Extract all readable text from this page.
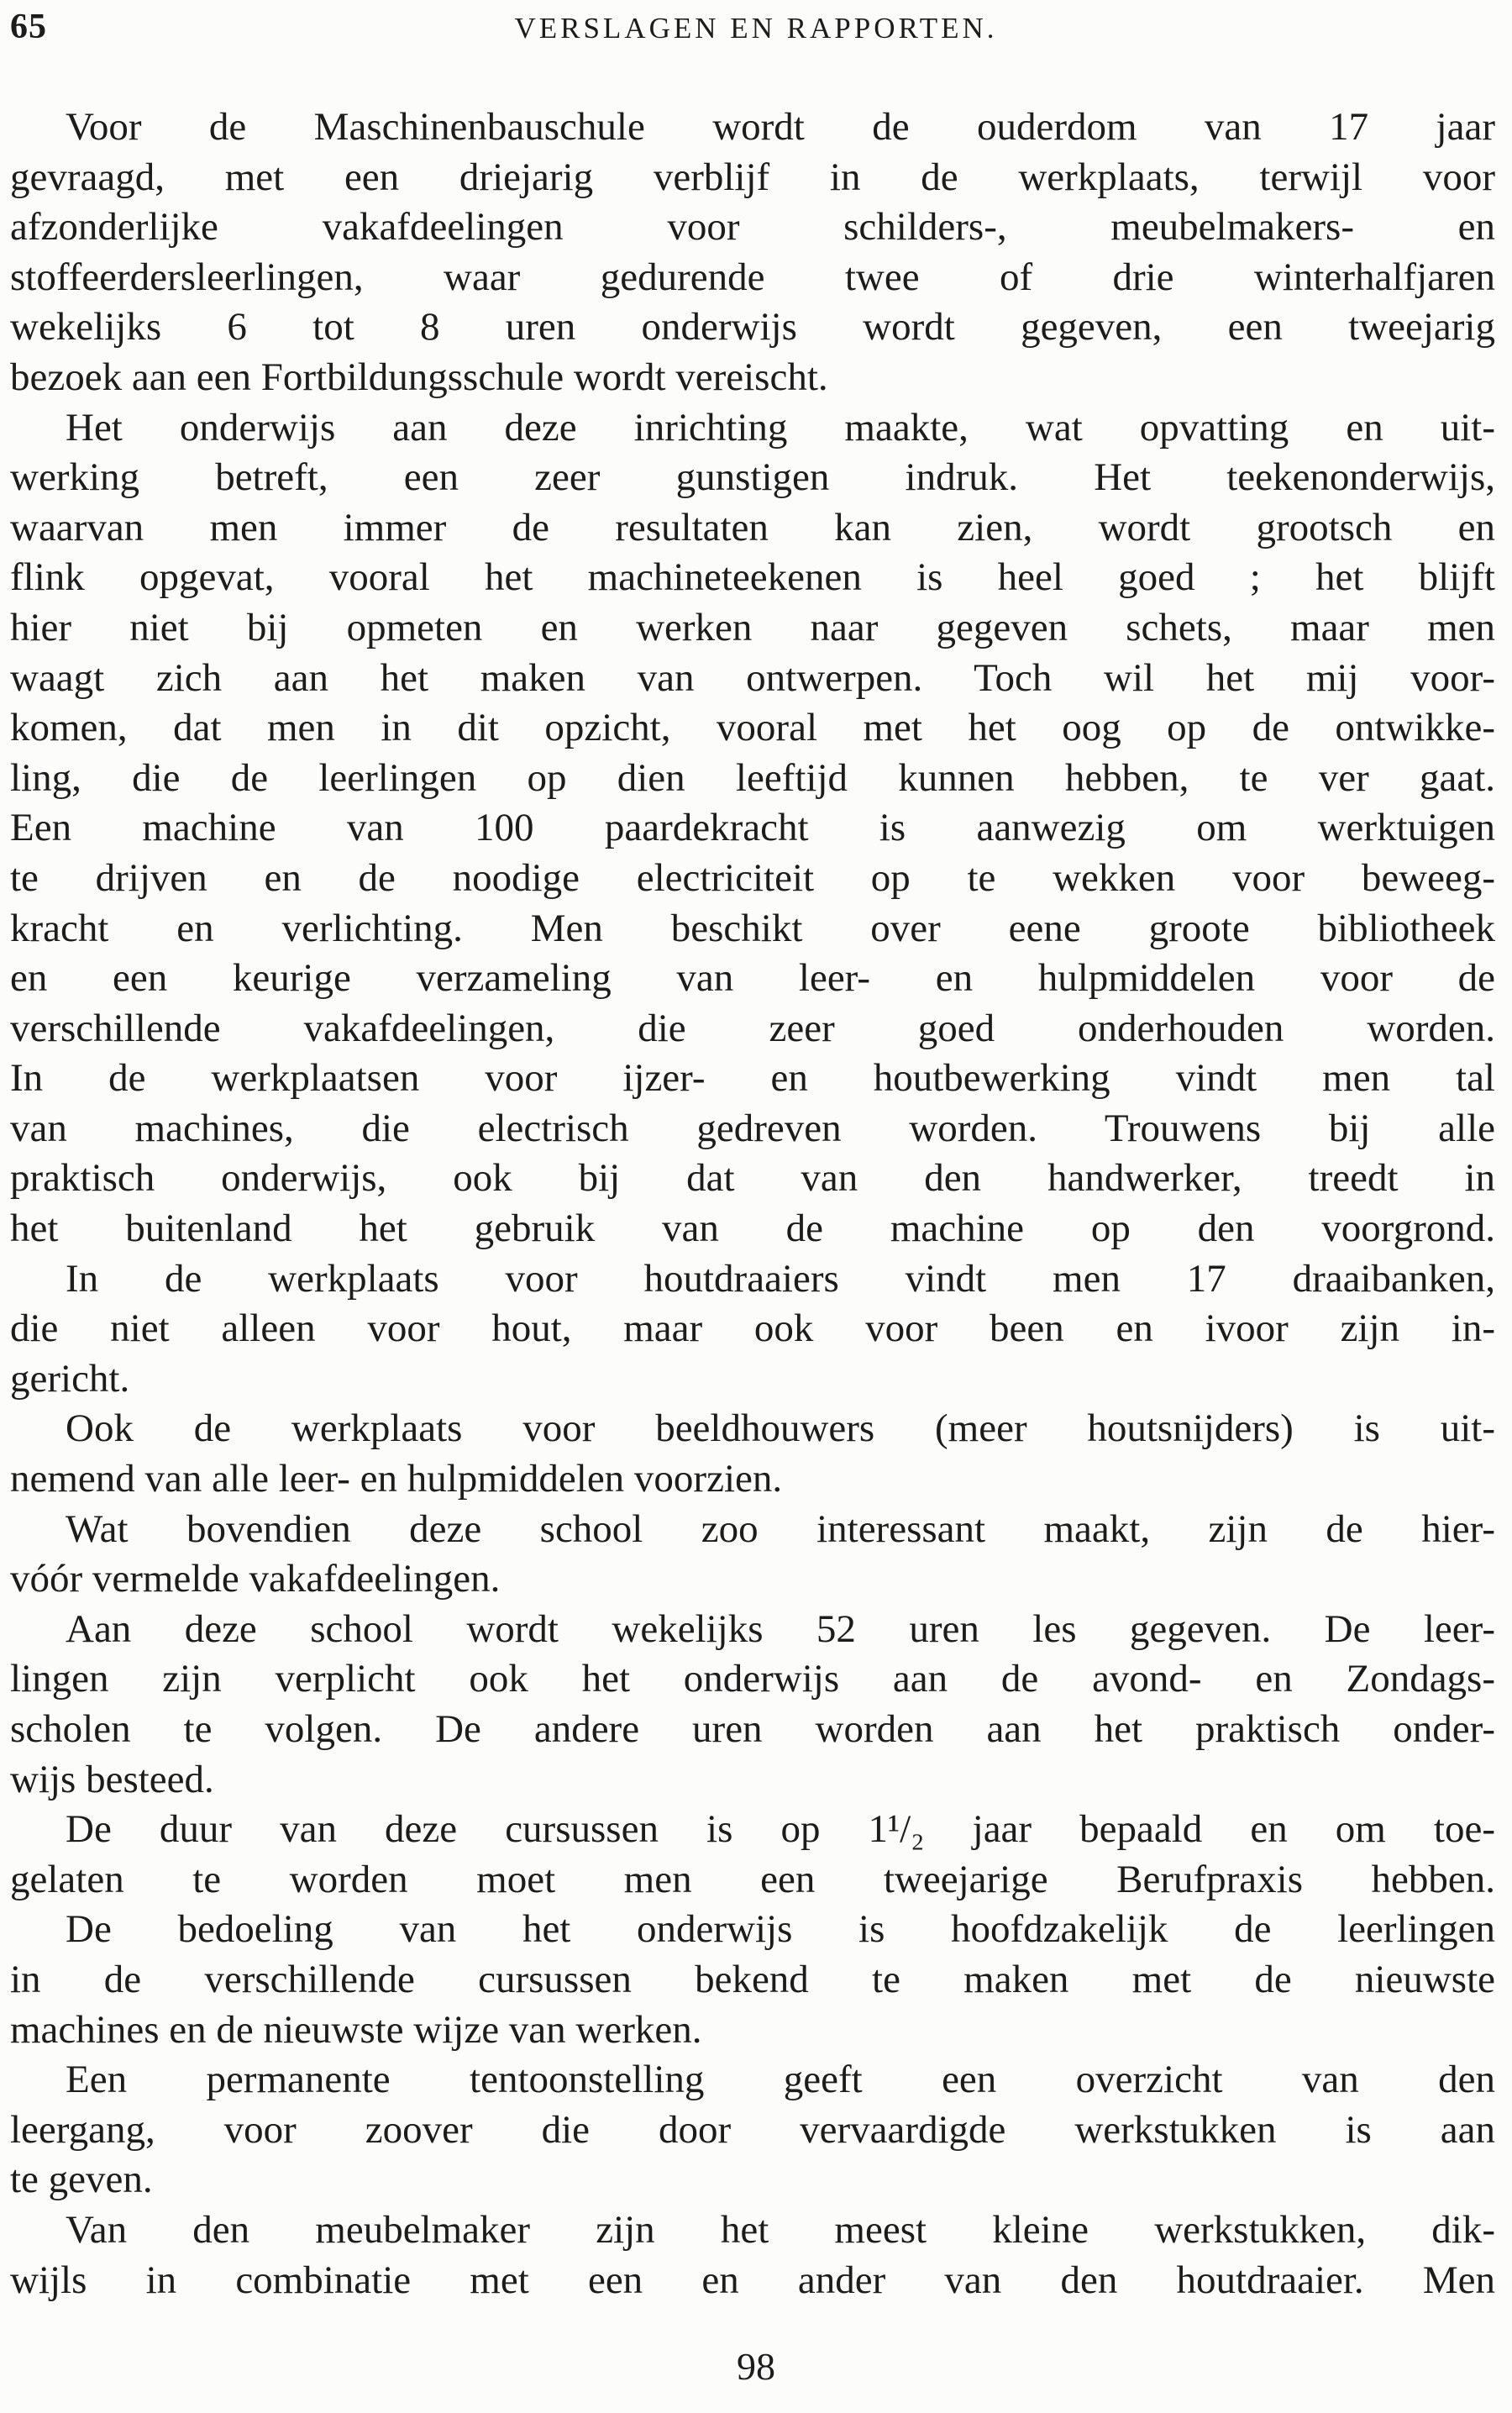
65	VERSLAGEN EN RAPPORTEN.
Voor de Maschinenbauschule wordt de ouderdom van 17 jaar
gevraagd, met een driejarig verblijf in de werkplaats, terwijl voor
afzonderlijke vakafdeelingen voor schilders-, meubelmakers- en
stoffeerdersleerlingen, waar gedurende twee of drie winterhalfjaren
wekelijks 6 tot 8 uren onderwijs wordt gegeven, een tweejarig
bezoek aan een Fortbildungsschule wordt vereischt.
Het onderwijs aan deze inrichting maakte, wat opvatting en uit-
werking betreft, een zeer gunstigen indruk. Het teekenonderwijs,
waarvan men immer de resultaten kan zien, wordt grootsch en
flink opgevat, vooral het machineteekenen is heel goed ; het blijft
hier niet bij opmeten en werken naar gegeven schets, maar men
waagt zich aan het maken van ontwerpen. Toch wil het mij voor-
komen, dat men in dit opzicht, vooral met het oog op de ontwikke-
ling, die de leerlingen op dien leeftijd kunnen hebben, te ver gaat.
Een machine van 100 paardekracht is aanwezig om werktuigen
te drijven en de noodige electriciteit op te wekken voor beweeg-
kracht en verlichting. Men beschikt over eene groote bibliotheek
en een keurige verzameling van leer- en hulpmiddelen voor de
verschillende vakafdeelingen, die zeer goed onderhouden worden.
In de werkplaatsen voor ijzer- en houtbewerking vindt men tal
van machines, die electrisch gedreven worden. Trouwens bij alle
praktisch onderwijs, ook bij dat van den handwerker, treedt in
het buitenland het gebruik van de machine op den voorgrond.
In de werkplaats voor houtdraaiers vindt men 17 draaibanken,
die niet alleen voor hout, maar ook voor been en ivoor zijn in-
gericht.
Ook de werkplaats voor beeldhouwers (meer houtsnijders) is uit-
nemend van alle leer- en hulpmiddelen voorzien.
Wat bovendien deze school zoo interessant maakt, zijn de hier-
vóór vermelde vakafdeelingen.
Aan deze school wordt wekelijks 52 uren les gegeven. De leer-
lingen zijn verplicht ook het onderwijs aan de avond- en Zondags-
scholen te volgen. De andere uren worden aan het praktisch onder-
wijs besteed.
De duur van deze cursussen is op 1¹/₂ jaar bepaald en om toe-
gelaten te worden moet men een tweejarige Berufpraxis hebben.
De bedoeling van het onderwijs is hoofdzakelijk de leerlingen
in de verschillende cursussen bekend te maken met de nieuwste
machines en de nieuwste wijze van werken.
Een permanente tentoonstelling geeft een overzicht van den
leergang, voor zoover die door vervaardigde werkstukken is aan
te geven.
Van den meubelmaker zijn het meest kleine werkstukken, dik-
wijls in combinatie met een en ander van den houtdraaier. Men
98
